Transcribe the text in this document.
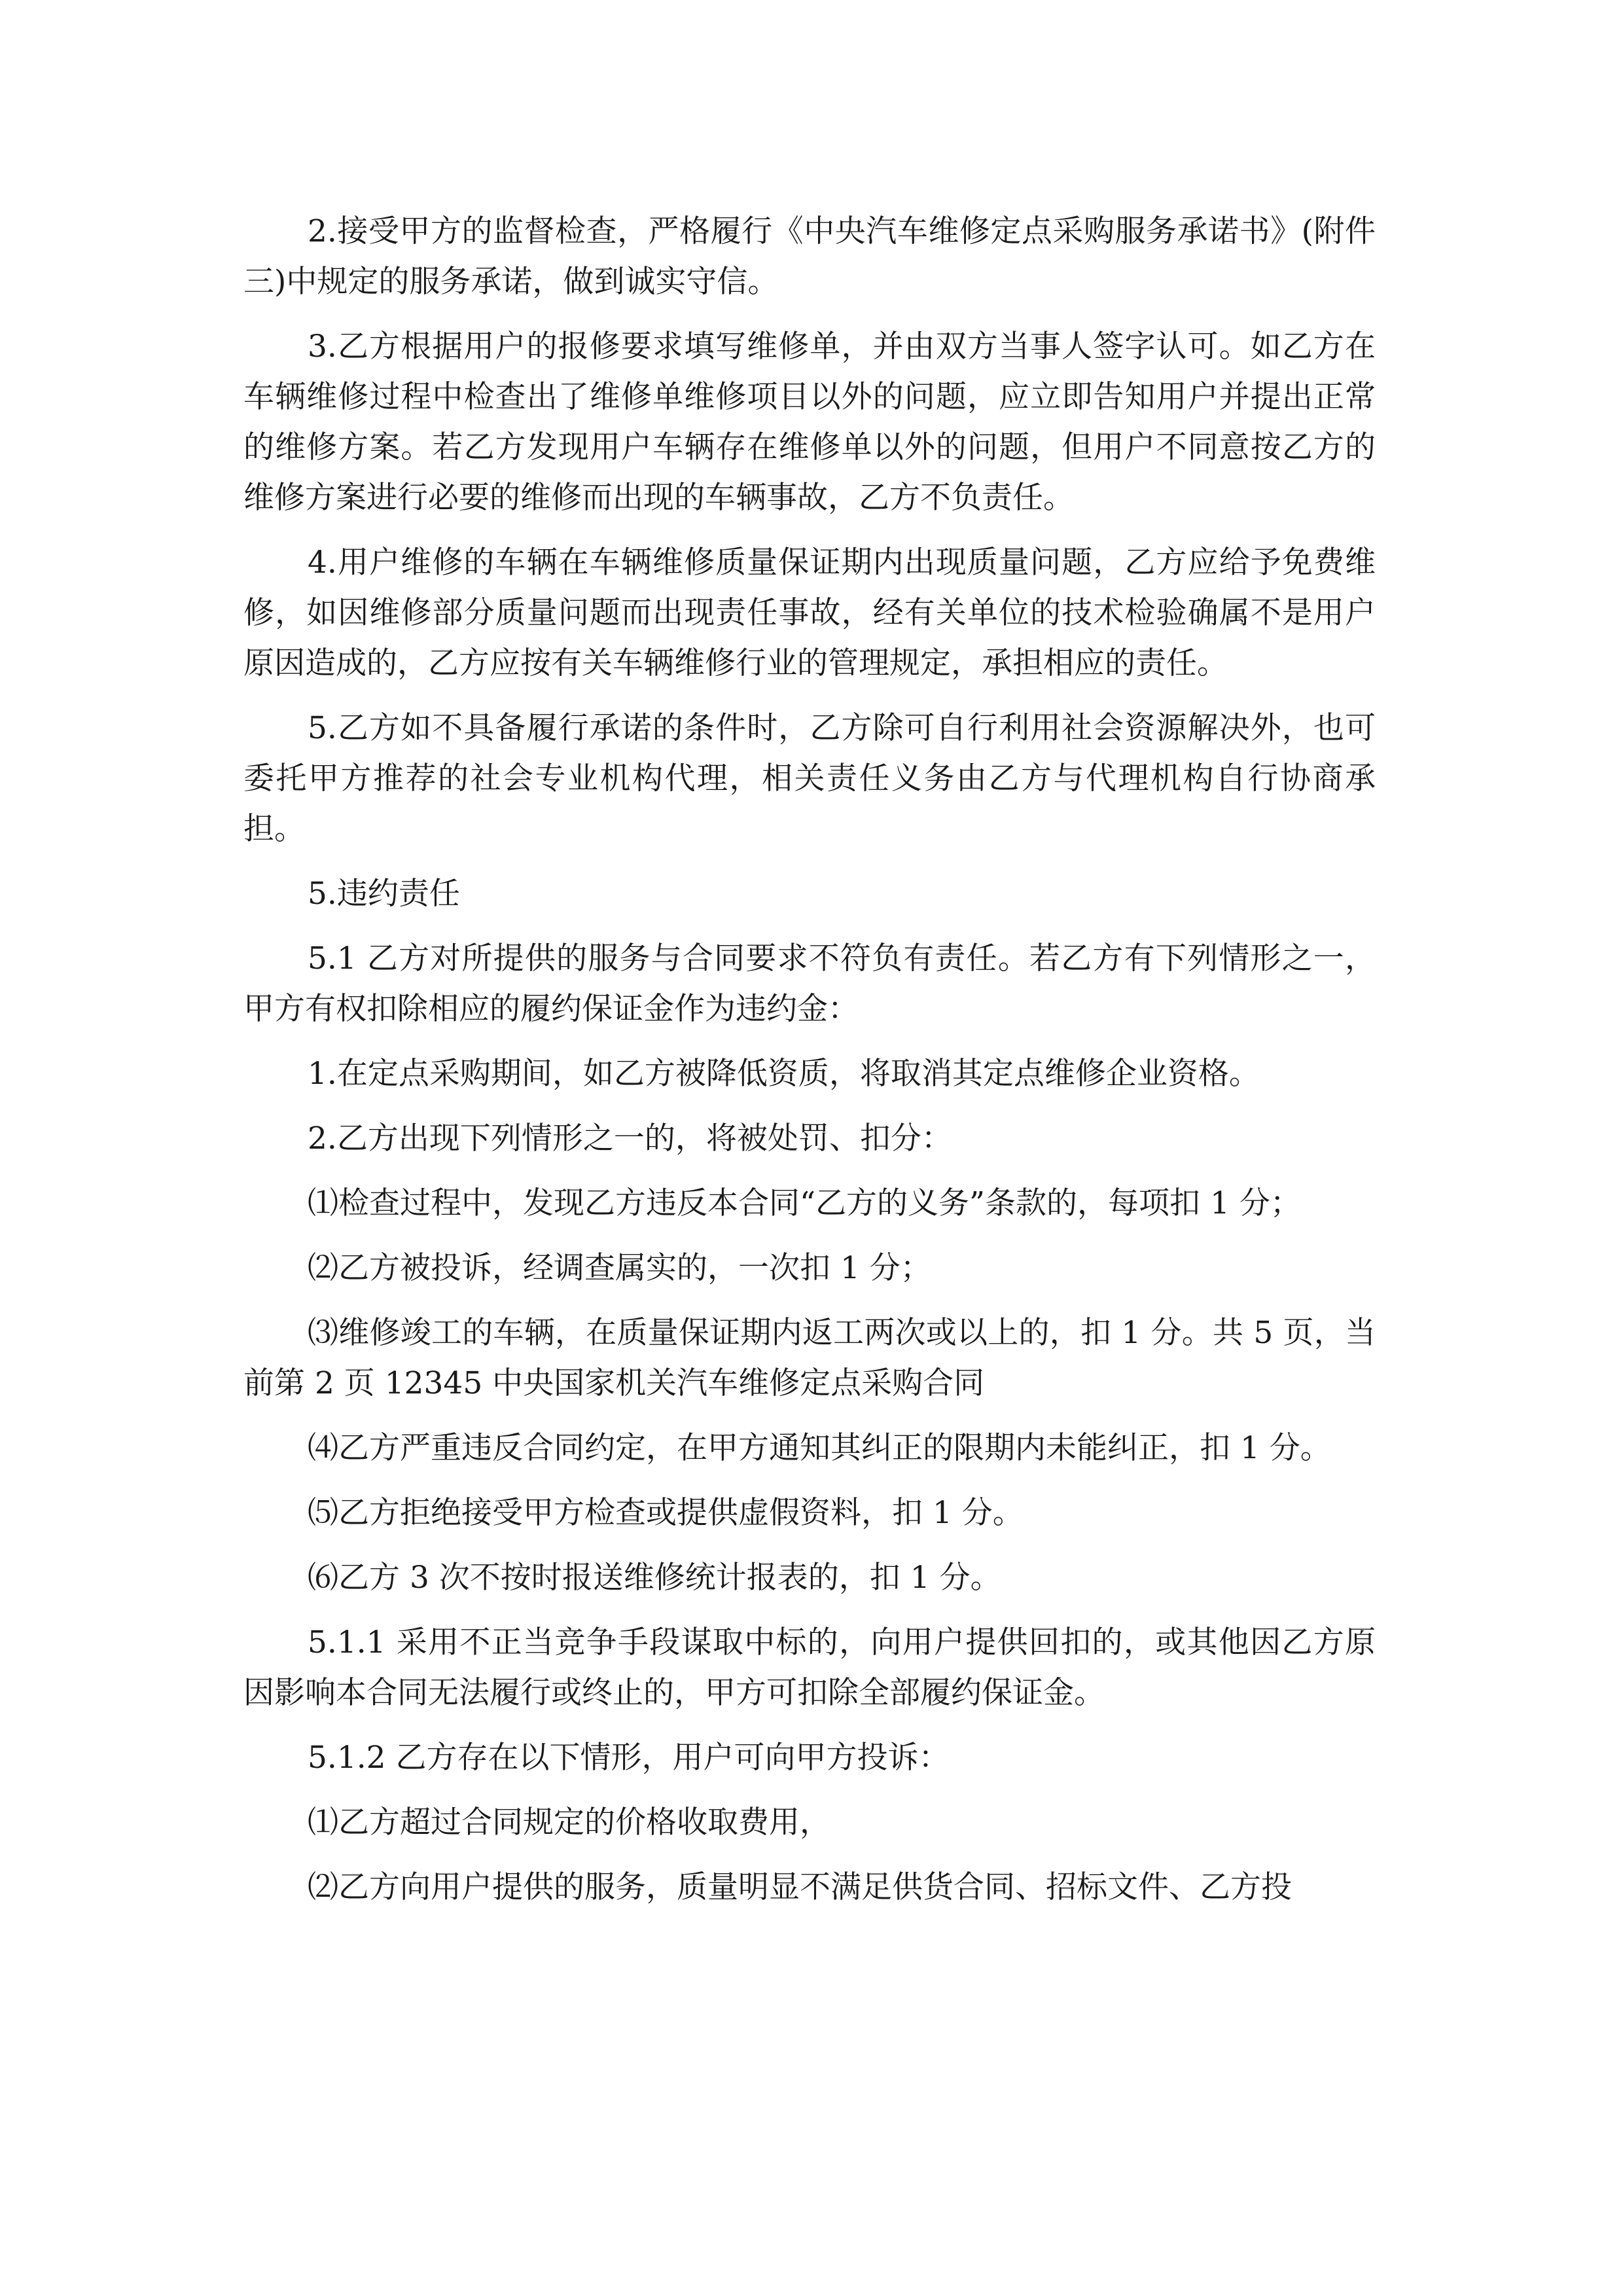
2.接受甲方的监督检查，严格履行《中央汽车维修定点采购服务承诺书》(附件三)中规定的服务承诺，做到诚实守信。

3.乙方根据用户的报修要求填写维修单，并由双方当事人签字认可。如乙方在车辆维修过程中检查出了维修单维修项目以外的问题，应立即告知用户并提出正常的维修方案。若乙方发现用户车辆存在维修单以外的问题，但用户不同意按乙方的维修方案进行必要的维修而出现的车辆事故，乙方不负责任。

4.用户维修的车辆在车辆维修质量保证期内出现质量问题，乙方应给予免费维修，如因维修部分质量问题而出现责任事故，经有关单位的技术检验确属不是用户原因造成的，乙方应按有关车辆维修行业的管理规定，承担相应的责任。

5.乙方如不具备履行承诺的条件时，乙方除可自行利用社会资源解决外，也可委托甲方推荐的社会专业机构代理，相关责任义务由乙方与代理机构自行协商承担。

5.违约责任

5.1 乙方对所提供的服务与合同要求不符负有责任。若乙方有下列情形之一，甲方有权扣除相应的履约保证金作为违约金：

1.在定点采购期间，如乙方被降低资质，将取消其定点维修企业资格。

2.乙方出现下列情形之一的，将被处罚、扣分：

⑴检查过程中，发现乙方违反本合同“乙方的义务”条款的，每项扣 1 分；

⑵乙方被投诉，经调查属实的，一次扣 1 分；

⑶维修竣工的车辆，在质量保证期内返工两次或以上的，扣 1 分。共 5 页，当前第 2 页 12345 中央国家机关汽车维修定点采购合同

⑷乙方严重违反合同约定，在甲方通知其纠正的限期内未能纠正，扣 1 分。

⑸乙方拒绝接受甲方检查或提供虚假资料，扣 1 分。

⑹乙方 3 次不按时报送维修统计报表的，扣 1 分。

5.1.1 采用不正当竞争手段谋取中标的，向用户提供回扣的，或其他因乙方原因影响本合同无法履行或终止的，甲方可扣除全部履约保证金。

5.1.2 乙方存在以下情形，用户可向甲方投诉：

⑴乙方超过合同规定的价格收取费用，

⑵乙方向用户提供的服务，质量明显不满足供货合同、招标文件、乙方投
